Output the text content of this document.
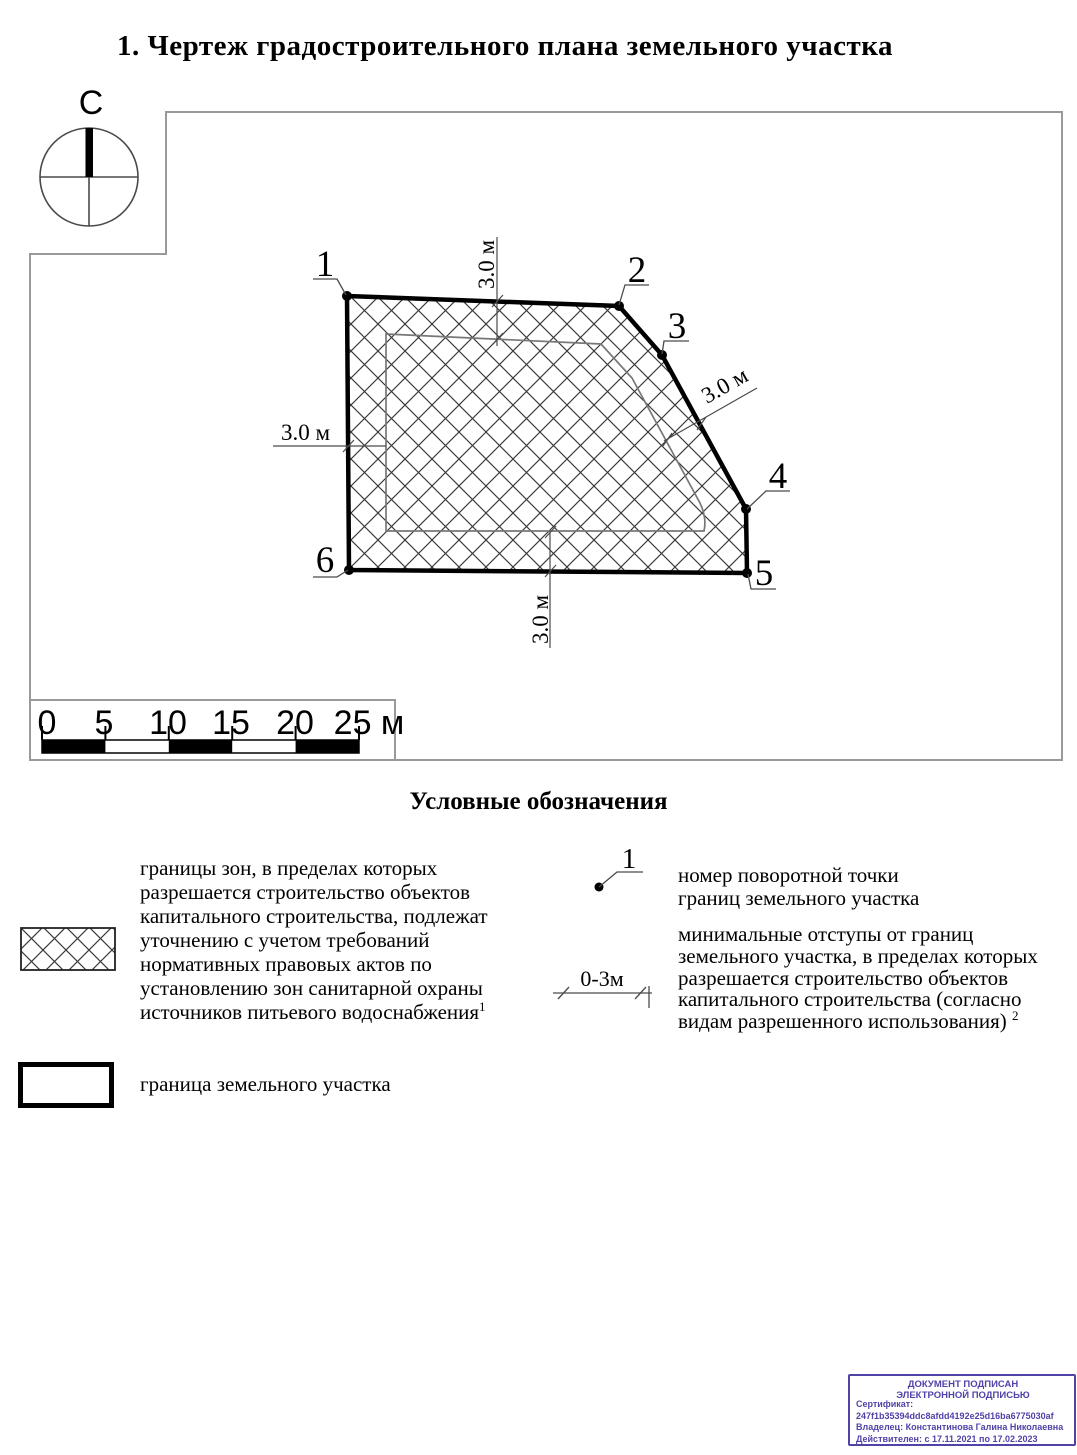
1. Чертеж градостроительного плана земельного участка
С
1	2
3
4
5
6
3.0 м
3.0 м
3.0 м
3.0 м
0 5 10 15 20 25 м
Условные обозначения
границы зон, в пределах которых
разрешается строительство объектов
капитального строительства, подлежат
уточнению с учетом требований
нормативных правовых актов по
установлению зон санитарной охраны
источников питьевого водоснабжения$^1$
граница земельного участка
1 номер поворотной точки
границ земельного участка
0-3м
минимальные отступы от границ
земельного участка, в пределах которых
разрешается строительство объектов
капитального строительства (согласно
видам разрешенного использования) $^2$
ДОКУМЕНТ ПОДПИСАН
ЭЛЕКТРОННОЙ ПОДПИСЬЮ
Сертификат:
247f1b35394ddc8afdd4192e25d16ba6775030af
Владелец: Константинова Галина Николаевна
Действителен: с 17.11.2021 по 17.02.2023
